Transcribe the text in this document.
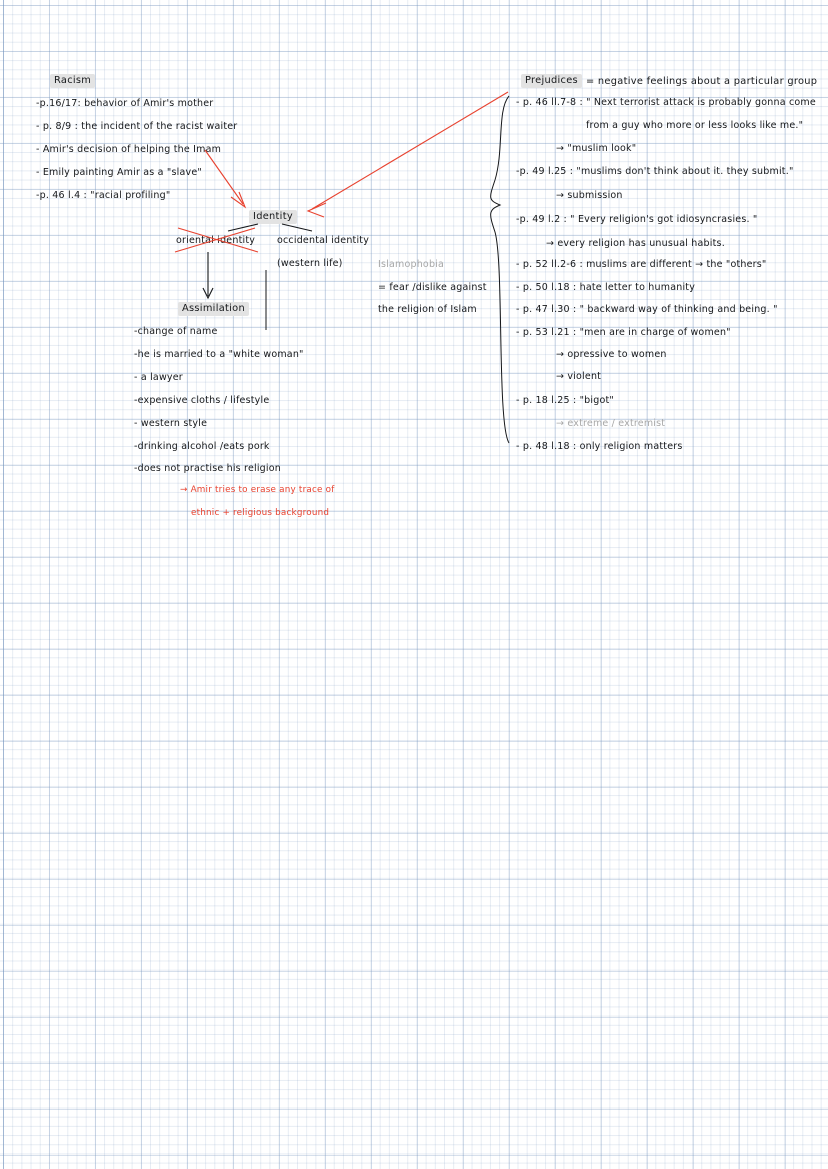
Racism
-p.16/17: behavior of Amir's mother
- p. 8/9 : the incident of the racist waiter
- Amir's decision of helping the Imam
- Emily painting Amir as a "slave"
-p. 46 l.4 : "racial profiling"
Identity
oriental identity occidental identity
(western life)	Islamophobia
= fear /dislike against
the religion of Islam
Assimilation
-change of name
-he is married to a "white woman"
- a lawyer
-expensive cloths / lifestyle
- western style
-drinking alcohol /eats pork
-does not practise his religion
→ Amir tries to erase any trace of
ethnic + religious background
Prejudices = negative feelings about a particular group
- p. 46 ll.7-8 : " Next terrorist attack is probably gonna come
from a guy who more or less looks like me."
→ "muslim look"
-p. 49 l.25 : "muslims don't think about it. they submit."
→ submission
-p. 49 l.2 : " Every religion's got idiosyncrasies. "
→ every religion has unusual habits.
- p. 52 ll.2-6 : muslims are different → the "others"
- p. 50 l.18 : hate letter to humanity
- p. 47 l.30 : " backward way of thinking and being. "
- p. 53 l.21 : "men are in charge of women"
→ opressive to women
→ violent
- p. 18 l.25 : "bigot"
→ extreme / extremist
- p. 48 l.18 : only religion matters
